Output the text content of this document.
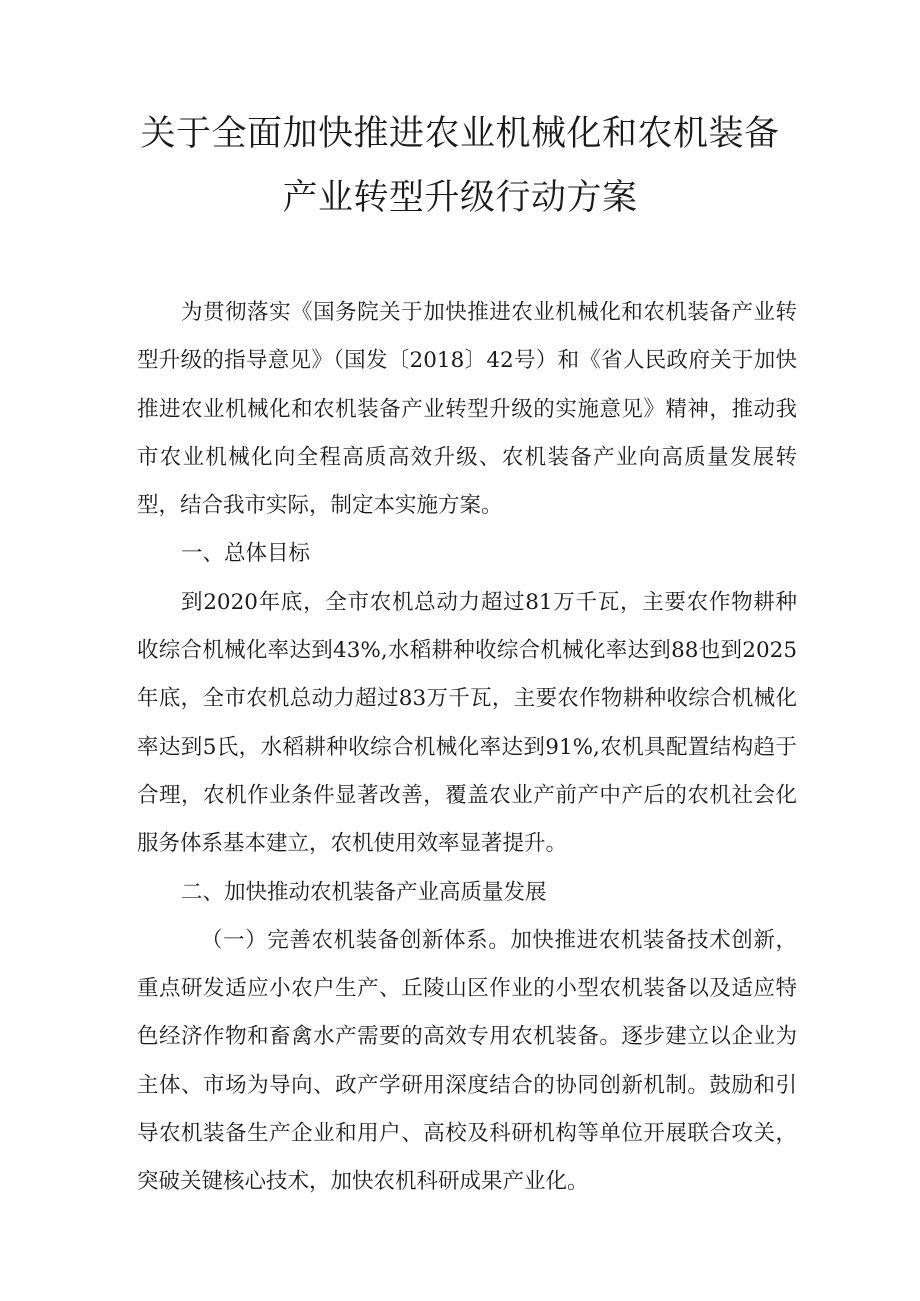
关于全面加快推进农业机械化和农机装备
产业转型升级行动方案

为贯彻落实《国务院关于加快推进农业机械化和农机装备产业转型升级的指导意见》（国发〔2018〕42号）和《省人民政府关于加快推进农业机械化和农机装备产业转型升级的实施意见》精神，推动我市农业机械化向全程高质高效升级、农机装备产业向高质量发展转型，结合我市实际，制定本实施方案。

一、总体目标

到2020年底，全市农机总动力超过81万千瓦，主要农作物耕种收综合机械化率达到43%,水稻耕种收综合机械化率达到88也到2025年底，全市农机总动力超过83万千瓦，主要农作物耕种收综合机械化率达到5氏，水稻耕种收综合机械化率达到91%,农机具配置结构趋于合理，农机作业条件显著改善，覆盖农业产前产中产后的农机社会化服务体系基本建立，农机使用效率显著提升。

二、加快推动农机装备产业高质量发展

（一）完善农机装备创新体系。加快推进农机装备技术创新，重点研发适应小农户生产、丘陵山区作业的小型农机装备以及适应特色经济作物和畜禽水产需要的高效专用农机装备。逐步建立以企业为主体、市场为导向、政产学研用深度结合的协同创新机制。鼓励和引导农机装备生产企业和用户、高校及科研机构等单位开展联合攻关，突破关键核心技术，加快农机科研成果产业化。
